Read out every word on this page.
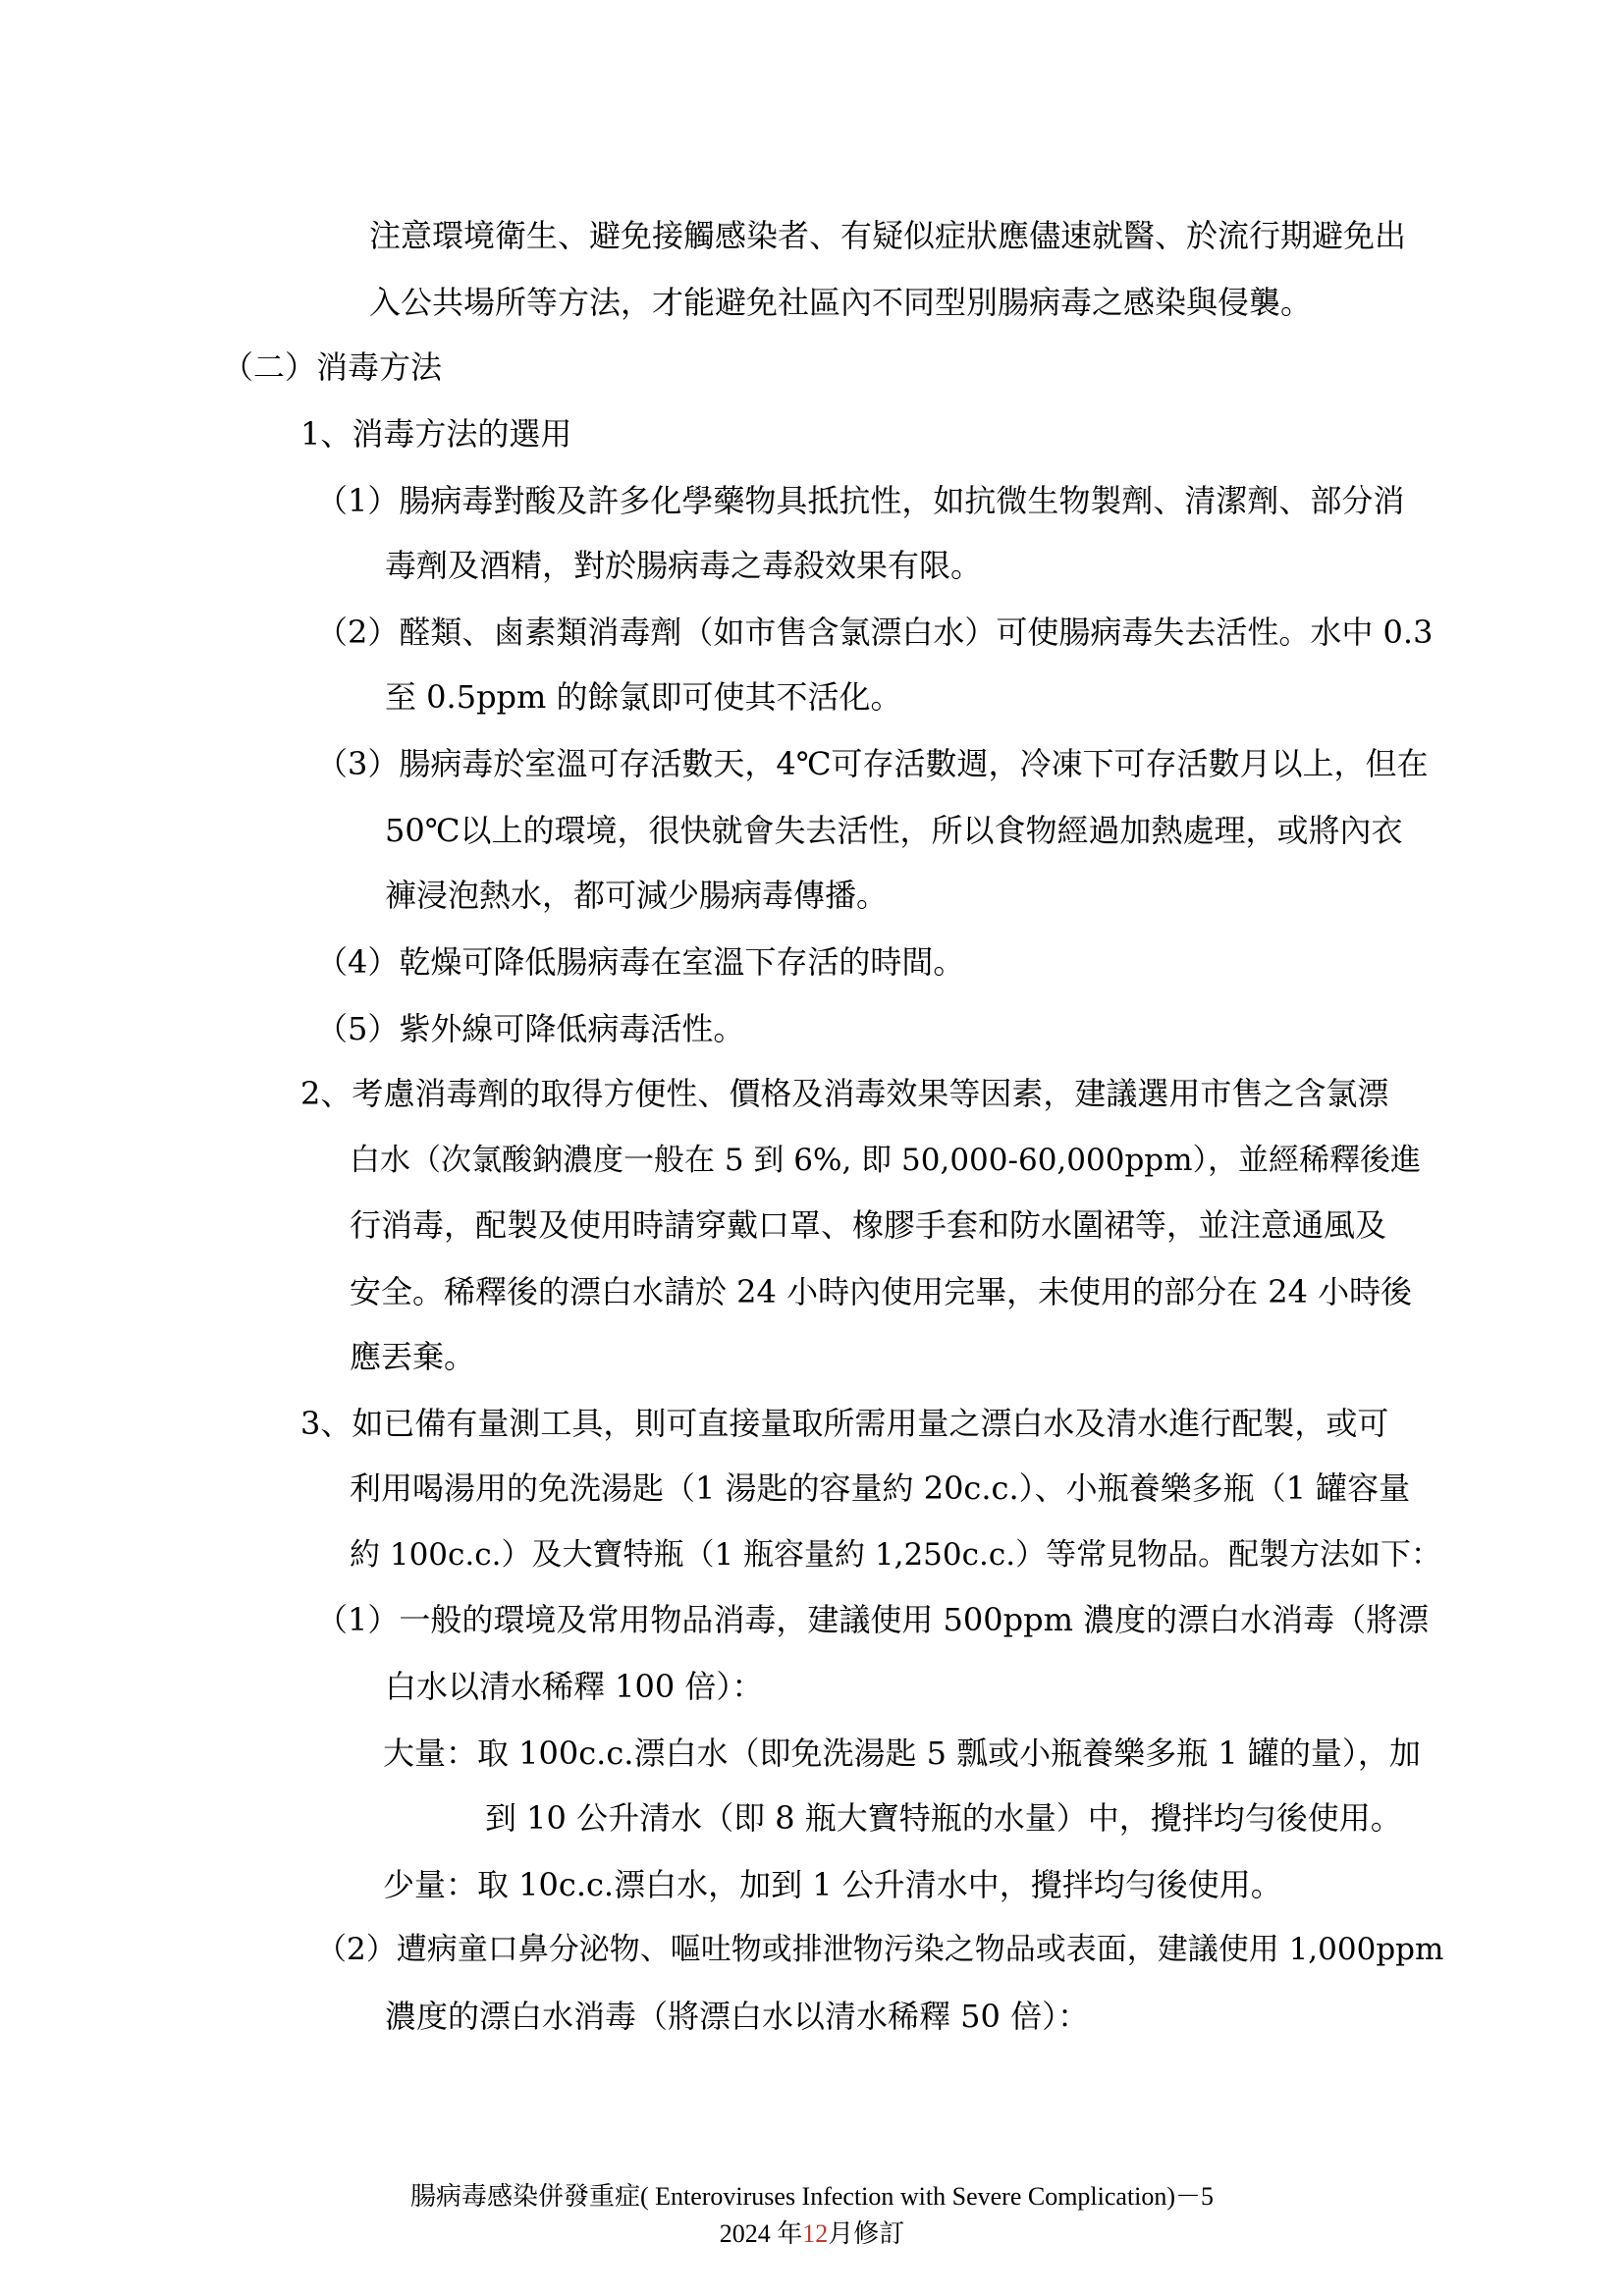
注意環境衛生、避免接觸感染者、有疑似症狀應儘速就醫、於流行期避免出
入公共場所等方法，才能避免社區內不同型別腸病毒之感染與侵襲。
（二）消毒方法
1、消毒方法的選用
（1）腸病毒對酸及許多化學藥物具抵抗性，如抗微生物製劑、清潔劑、部分消
毒劑及酒精，對於腸病毒之毒殺效果有限。
（2）醛類、鹵素類消毒劑（如市售含氯漂白水）可使腸病毒失去活性。水中 0.3
至 0.5ppm 的餘氯即可使其不活化。
（3）腸病毒於室溫可存活數天，4℃可存活數週，冷凍下可存活數月以上，但在
50℃以上的環境，很快就會失去活性，所以食物經過加熱處理，或將內衣
褲浸泡熱水，都可減少腸病毒傳播。
（4）乾燥可降低腸病毒在室溫下存活的時間。
（5）紫外線可降低病毒活性。
2、考慮消毒劑的取得方便性、價格及消毒效果等因素，建議選用市售之含氯漂
白水（次氯酸鈉濃度一般在 5 到 6%, 即 50,000-60,000ppm），並經稀釋後進
行消毒，配製及使用時請穿戴口罩、橡膠手套和防水圍裙等，並注意通風及
安全。稀釋後的漂白水請於 24 小時內使用完畢，未使用的部分在 24 小時後
應丟棄。
3、如已備有量測工具，則可直接量取所需用量之漂白水及清水進行配製，或可
利用喝湯用的免洗湯匙（1 湯匙的容量約 20c.c.）、小瓶養樂多瓶（1 罐容量
約 100c.c.）及大寶特瓶（1 瓶容量約 1,250c.c.）等常見物品。配製方法如下：
（1）一般的環境及常用物品消毒，建議使用 500ppm 濃度的漂白水消毒（將漂
白水以清水稀釋 100 倍）：
大量：取 100c.c.漂白水（即免洗湯匙 5 瓢或小瓶養樂多瓶 1 罐的量），加
到 10 公升清水（即 8 瓶大寶特瓶的水量）中，攪拌均勻後使用。
少量：取 10c.c.漂白水，加到 1 公升清水中，攪拌均勻後使用。
（2）遭病童口鼻分泌物、嘔吐物或排泄物污染之物品或表面，建議使用 1,000ppm
濃度的漂白水消毒（將漂白水以清水稀釋 50 倍）：
腸病毒感染併發重症( Enteroviruses Infection with Severe Complication)－5
2024 年12月修訂
